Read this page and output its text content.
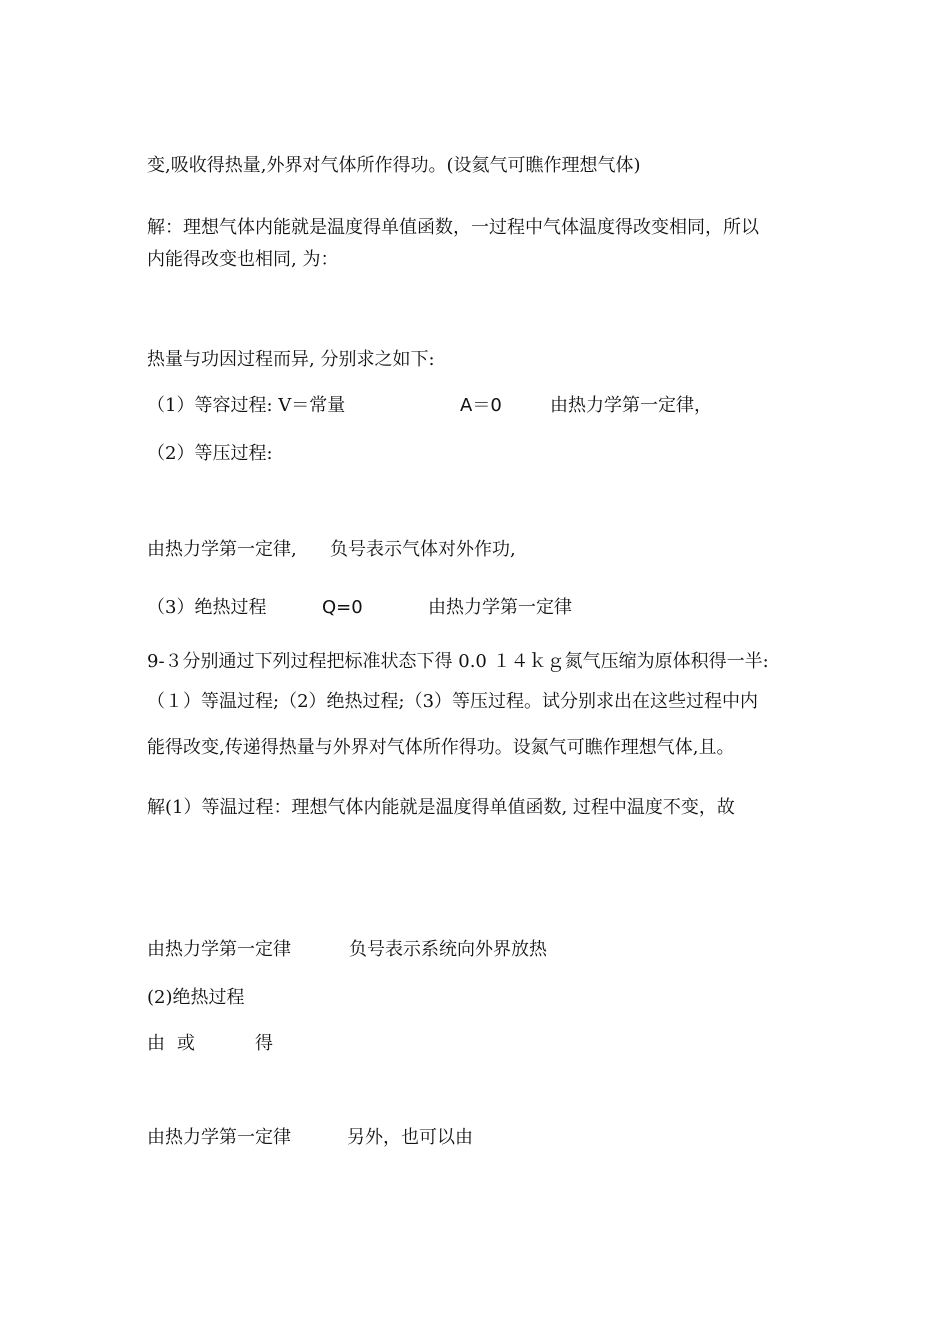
变,吸收得热量,外界对气体所作得功。(设氦气可瞧作理想气体)
解：理想气体内能就是温度得单值函数，一过程中气体温度得改变相同，所以
内能得改变也相同, 为：
热量与功因过程而异, 分别求之如下:
（1）等容过程: V＝常量	A＝0	由热力学第一定律，
（2）等压过程:
由热力学第一定律, 负号表示气体对外作功,
（3）绝热过程	Q=0	由热力学第一定律
9-３分别通过下列过程把标准状态下得 0.0 １４ｋｇ氮气压缩为原体积得一半:
（１）等温过程;（2）绝热过程;（3）等压过程。试分别求出在这些过程中内
能得改变,传递得热量与外界对气体所作得功。设氮气可瞧作理想气体,且。
解(1）等温过程：理想气体内能就是温度得单值函数, 过程中温度不变，故
由热力学第一定律	负号表示系统向外界放热
(2)绝热过程
由 或	得
由热力学第一定律	另外，也可以由
